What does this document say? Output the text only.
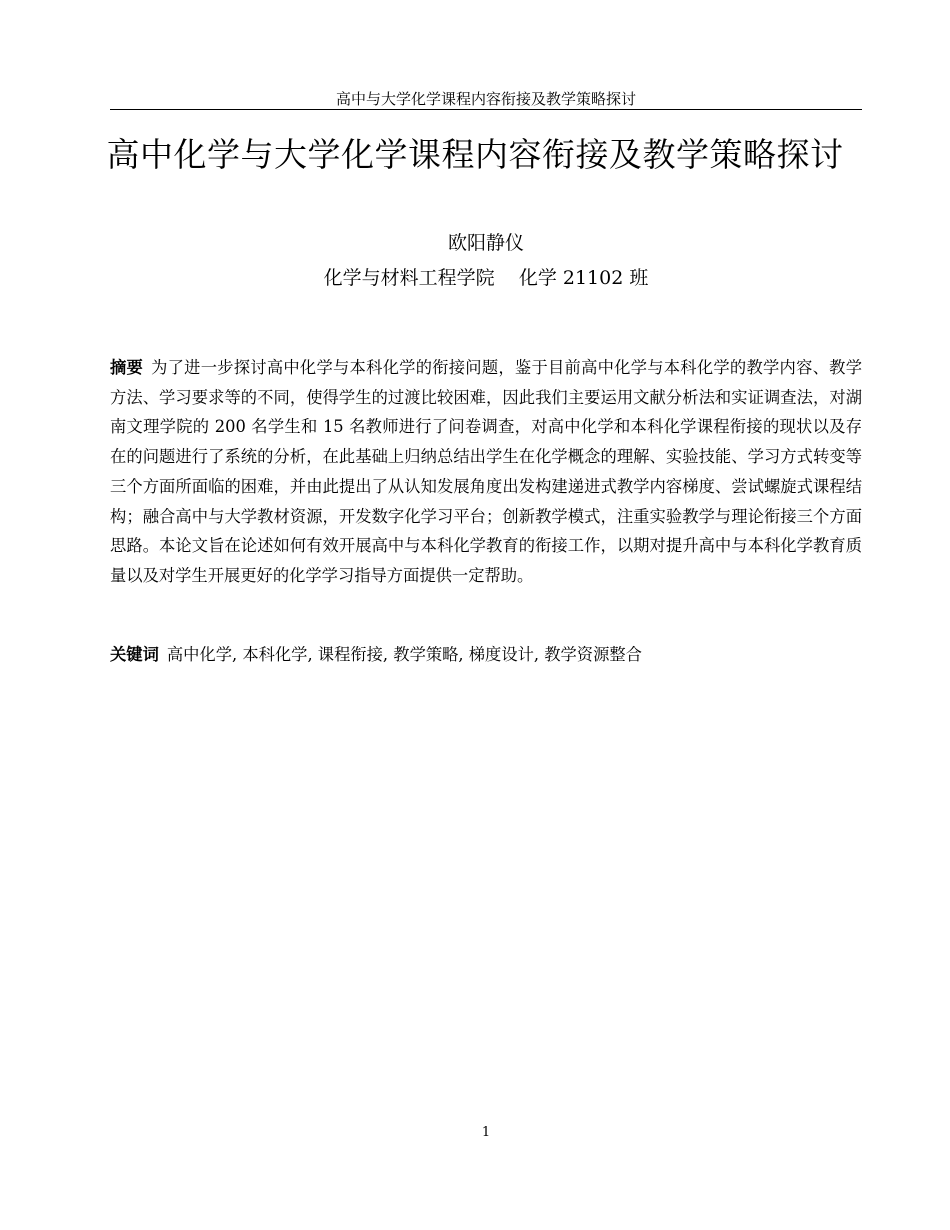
高中与大学化学课程内容衔接及教学策略探讨
高中化学与大学化学课程内容衔接及教学策略探讨
欧阳静仪
化学与材料工程学院    化学 21102 班
摘要 为了进一步探讨高中化学与本科化学的衔接问题，鉴于目前高中化学与本科化学的教学内容、教学方法、学习要求等的不同，使得学生的过渡比较困难，因此我们主要运用文献分析法和实证调查法，对湖南文理学院的 200 名学生和 15 名教师进行了问卷调查，对高中化学和本科化学课程衔接的现状以及存在的问题进行了系统的分析，在此基础上归纳总结出学生在化学概念的理解、实验技能、学习方式转变等三个方面所面临的困难，并由此提出了从认知发展角度出发构建递进式教学内容梯度、尝试螺旋式课程结构；融合高中与大学教材资源，开发数字化学习平台；创新教学模式，注重实验教学与理论衔接三个方面思路。本论文旨在论述如何有效开展高中与本科化学教育的衔接工作，以期对提升高中与本科化学教育质量以及对学生开展更好的化学学习指导方面提供一定帮助。
关键词 高中化学, 本科化学, 课程衔接, 教学策略, 梯度设计, 教学资源整合
1
